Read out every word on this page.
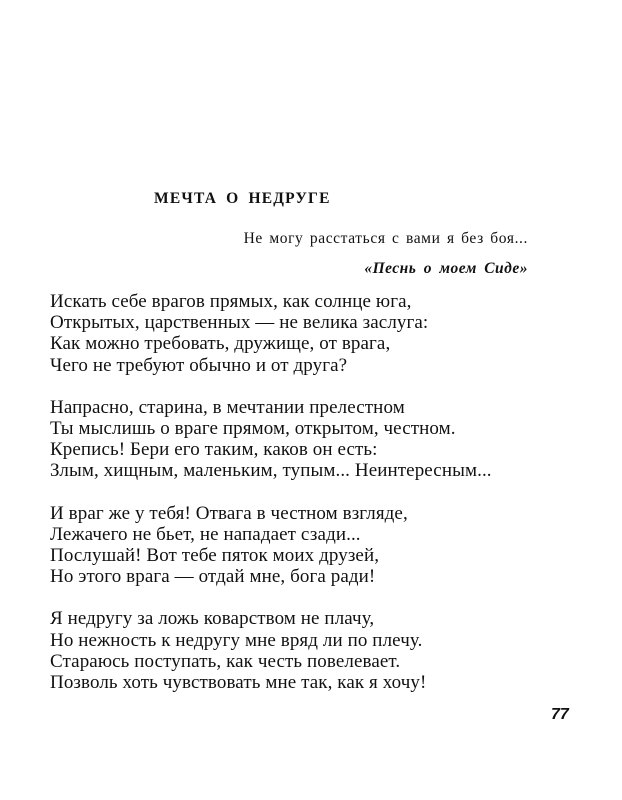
МЕЧТА О НЕДРУГЕ
Не могу расстаться с вами я без боя...
«Песнь о моем Сиде»
Искать себе врагов прямых, как солнце юга,
Открытых, царственных — не велика заслуга:
Как можно требовать, дружище, от врага,
Чего не требуют обычно и от друга?
Напрасно, старина, в мечтании прелестном
Ты мыслишь о враге прямом, открытом, честном.
Крепись! Бери его таким, каков он есть:
Злым, хищным, маленьким, тупым... Неинтересным...
И враг же у тебя! Отвага в честном взгляде,
Лежачего не бьет, не нападает сзади...
Послушай! Вот тебе пяток моих друзей,
Но этого врага — отдай мне, бога ради!
Я недругу за ложь коварством не плачу,
Но нежность к недругу мне вряд ли по плечу.
Стараюсь поступать, как честь повелевает.
Позволь хоть чувствовать мне так, как я хочу!
77
